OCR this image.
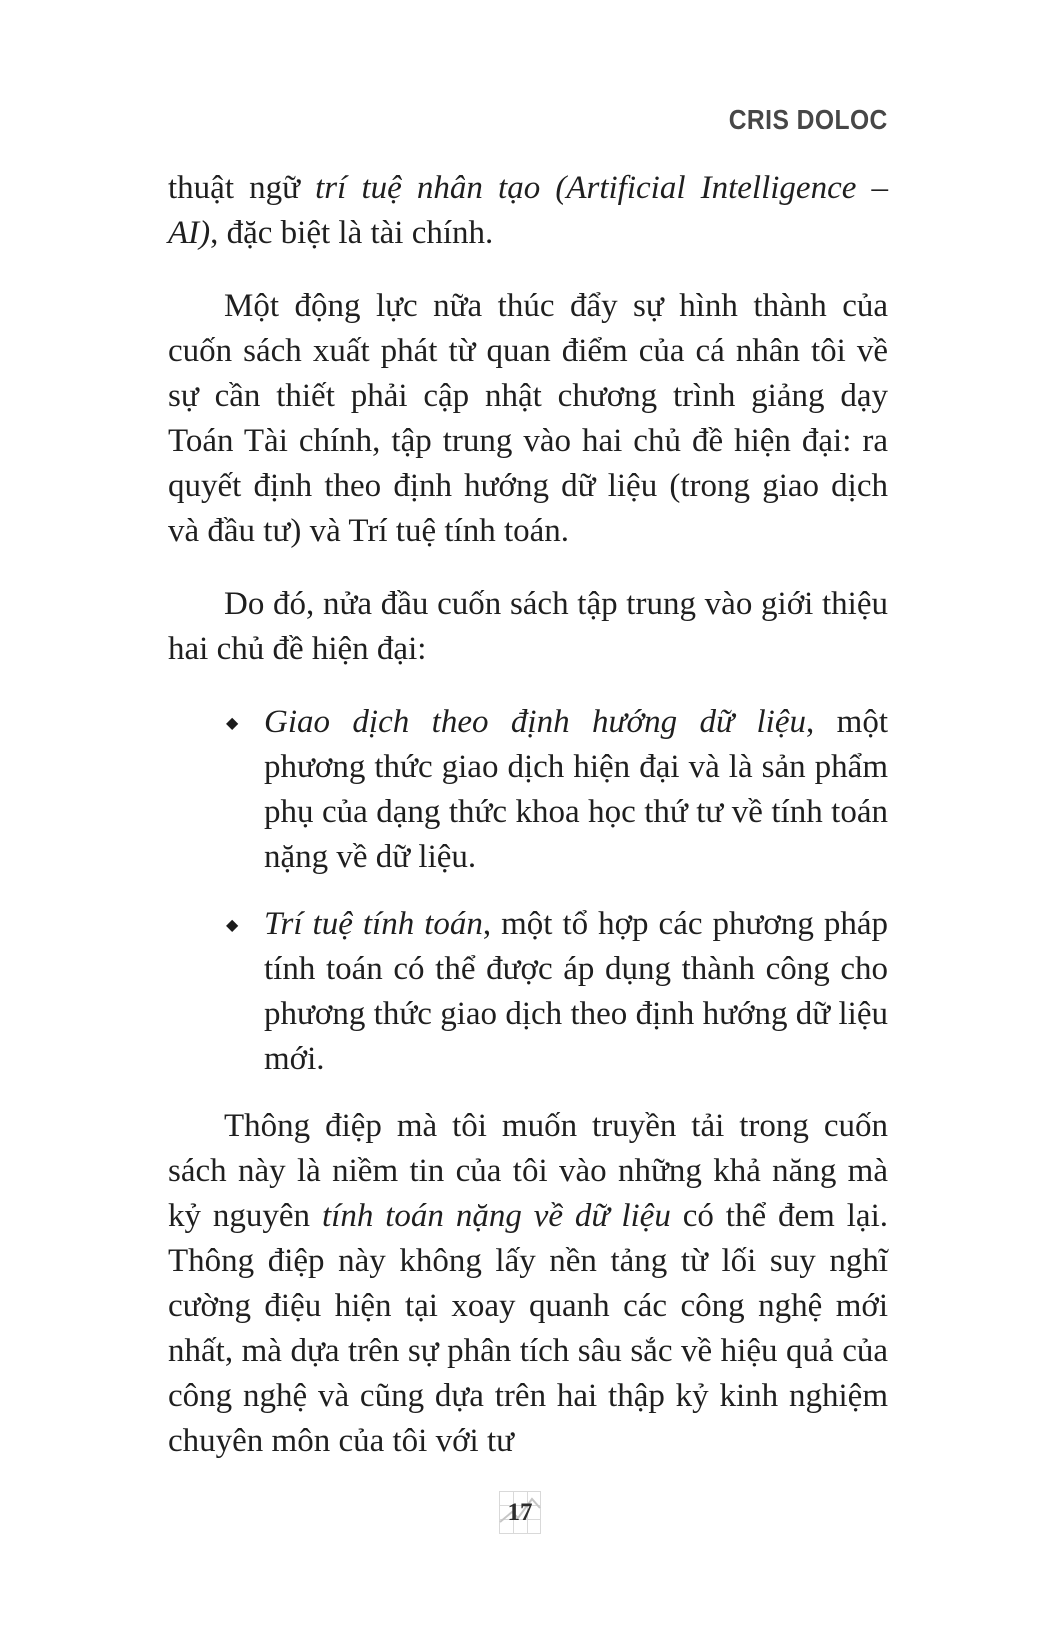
CRIS DOLOC

thuật ngữ trí tuệ nhân tạo (Artificial Intelligence – AI), đặc biệt là tài chính.

Một động lực nữa thúc đẩy sự hình thành của cuốn sách xuất phát từ quan điểm của cá nhân tôi về sự cần thiết phải cập nhật chương trình giảng dạy Toán Tài chính, tập trung vào hai chủ đề hiện đại: ra quyết định theo định hướng dữ liệu (trong giao dịch và đầu tư) và Trí tuệ tính toán.

Do đó, nửa đầu cuốn sách tập trung vào giới thiệu hai chủ đề hiện đại:

◆ Giao dịch theo định hướng dữ liệu, một phương thức giao dịch hiện đại và là sản phẩm phụ của dạng thức khoa học thứ tư về tính toán nặng về dữ liệu.
◆ Trí tuệ tính toán, một tổ hợp các phương pháp tính toán có thể được áp dụng thành công cho phương thức giao dịch theo định hướng dữ liệu mới.

Thông điệp mà tôi muốn truyền tải trong cuốn sách này là niềm tin của tôi vào những khả năng mà kỷ nguyên tính toán nặng về dữ liệu có thể đem lại. Thông điệp này không lấy nền tảng từ lối suy nghĩ cường điệu hiện tại xoay quanh các công nghệ mới nhất, mà dựa trên sự phân tích sâu sắc về hiệu quả của công nghệ và cũng dựa trên hai thập kỷ kinh nghiệm chuyên môn của tôi với tư

17
